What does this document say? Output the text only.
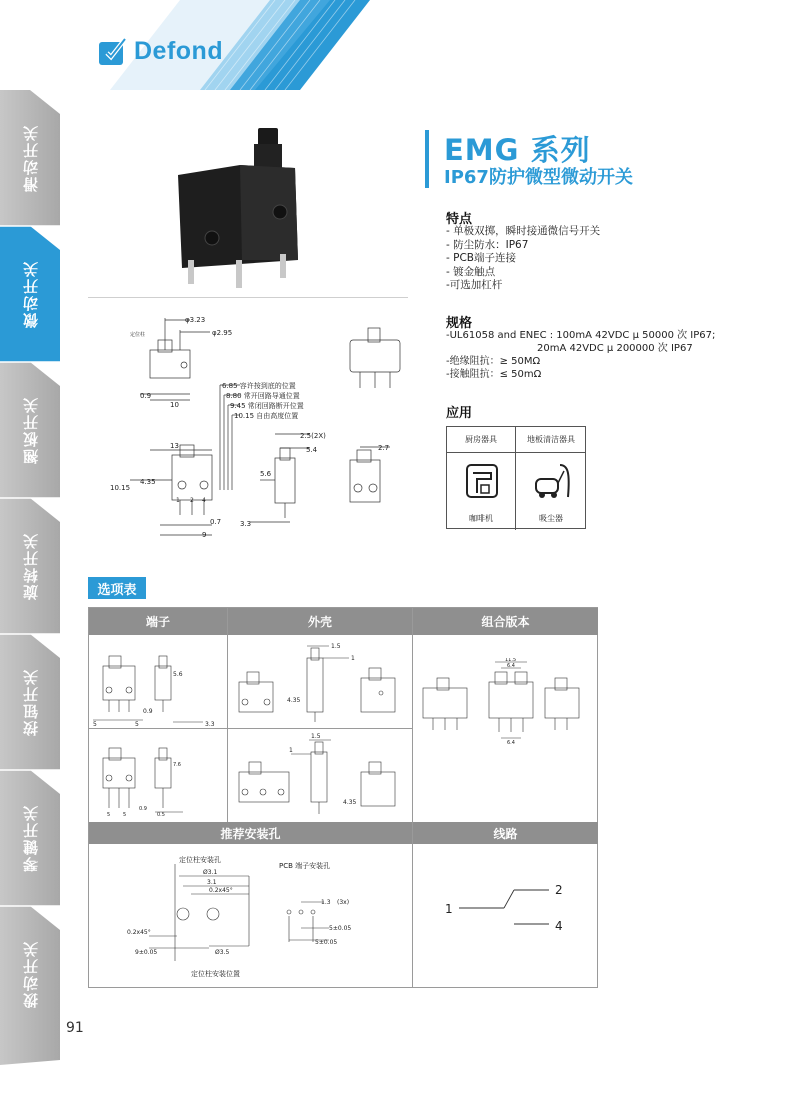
Defond
滑动开关
微动开关
翘板开关
旋转开关
按钮开关
琴键开关
拨动开关
91
φ3.23
φ2.95
定位柱
0.9
10
6.85 容许按到底的位置
8.80 常开回路导通位置
9.45 常闭回路断开位置
10.15 自由高度位置
13
4.35
10.15
0.7
9
2.5(2X)
5.4
5.6
3.3
2.7
1 2 4
EMG 系列
IP67防护微型微动开关
特点
- 单极双掷，瞬时接通微信号开关
- 防尘防水：IP67
- PCB端子连接
- 镀金触点
-可选加杠杆
规格
-UL61058 and ENEC : 100mA 42VDC μ 50000 次 IP67;
20mA 42VDC μ 200000 次 IP67
-绝缘阻抗：≥ 50MΩ
-接触阻抗：≤ 50mΩ
应用
厨房器具	地板清洁器具
咖啡机	吸尘器
选项表
端子	外壳	组合版本
推荐安装孔	线路
5.6
0.9
5	5	3.3
7.6
0.9
5	5	0.5
1.5
1
4.35
1.5
1
4.35
11.5
6.4
6.4
定位柱安装孔
PCB 端子安装孔
Ø3.1
3.1
0.2x45°
0.2x45°
9±0.05	Ø3.5
1.3 (3x)
5±0.05
5±0.05
定位柱安装位置
1
2
4
